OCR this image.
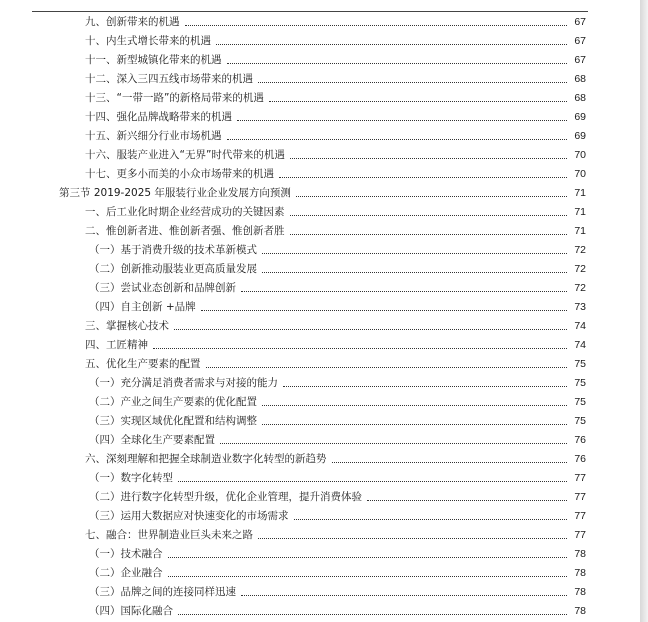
九、创新带来的机遇	67
十、内生式增长带来的机遇	67
十一、新型城镇化带来的机遇	67
十二、深入三四五线市场带来的机遇	68
十三、“一带一路”的新格局带来的机遇	68
十四、强化品牌战略带来的机遇	69
十五、新兴细分行业市场机遇	69
十六、服装产业进入“无界”时代带来的机遇	70
十七、更多小而美的小众市场带来的机遇	70
第三节 2019-2025 年服装行业企业发展方向预测	71
一、后工业化时期企业经营成功的关键因素	71
二、惟创新者进、惟创新者强、惟创新者胜	71
（一）基于消费升级的技术革新模式	72
（二）创新推动服装业更高质量发展	72
（三）尝试业态创新和品牌创新	72
（四）自主创新 +品牌	73
三、掌握核心技术	74
四、工匠精神	74
五、优化生产要素的配置	75
（一）充分满足消费者需求与对接的能力	75
（二）产业之间生产要素的优化配置	75
（三）实现区域优化配置和结构调整	75
（四）全球化生产要素配置	76
六、深刻理解和把握全球制造业数字化转型的新趋势	76
（一）数字化转型	77
（二）进行数字化转型升级，优化企业管理，提升消费体验	77
（三）运用大数据应对快速变化的市场需求	77
七、融合：世界制造业巨头未来之路	77
（一）技术融合	78
（二）企业融合	78
（三）品牌之间的连接同样迅速	78
（四）国际化融合	78
